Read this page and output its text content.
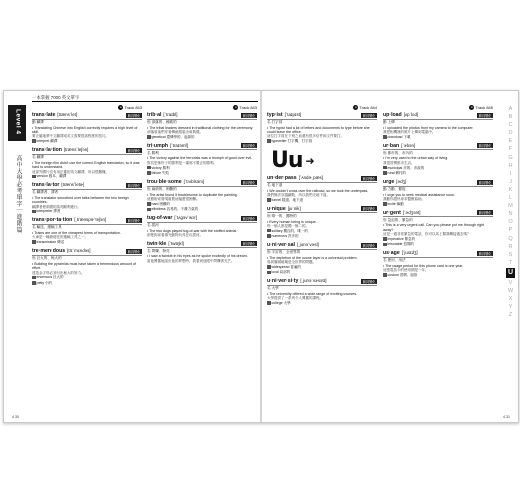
一本掌握 7000 英文單字
Level 4
高中大學必考單字｜進階篇
● Track 843
trans·late [træns`let]	動詞變化
動 翻譯
• Translating Chinese into English correctly requires a high level of skill.
要正確地將中文翻譯成英文需要很高程度的技巧。
interpret 翻譯
trans·la·tion [træns`leʃən]	動詞變化
名 翻譯
• The foreign film didn't use the correct English translation, so it was hard to understand.
這部外國片沒有用正確的英文翻譯，所以很難懂。
version 版本、翻譯
trans·la·tor [træns`letɚ]	動詞變化
名 翻譯者、譯者
• The translator smoothed over talks between the two foreign countries.
翻譯者使兩國的談判順利進行。
interpreter 譯者
trans·por·ta·tion [ˌtrænspɚ`teʃən]	動詞變化
名 輸送、運輸工具
• Trains are one of the cheapest forms of transportation.
火車是一種最便宜的運輸工具之一。
transmission 傳送
tre·men·dous [trɪ`mɛndəs]	動詞變化
形 巨大的、極大的
• Building the pyramids must have taken a tremendous amount of effort.
建造金字塔必須付出極大的努力。
enormous 巨大的
petty 小的
● Track 843
trib·al [`traɪbl]	動詞變化
形 部落的、種族的
• The tribal leaders dressed in traditional clothing for the ceremony.
部落領袖們穿著傳統服裝出席典禮。
genetical 遺傳學的、起源的
tri·umph [`traɪəmf]	動詞變化
名 勝利
• The victory against the terrorists was a triumph of good over evil.
對抗恐怖份子的勝利是一場邪不勝正的勝利。
victory 勝利
failure 失敗
trou·ble·some [`trʌblsəm]	動詞變化
形 麻煩的、困難的
• The artist found it troublesome to duplicate the painting.
這藝術家發現複製這幅畫很困難。
hard 困難的
effortless 容易的、不費力氣的
tug-of-war [`tʌgəv`wɔr]	動詞變化
名 拔河
• The two dogs played tug-of-war with the stuffed animal.
兩隻狗拿著填充動物玩具在玩拔河。
twin·kle [`twɪŋkl]	動詞變化
名 閃爍、發亮
• I saw a twinkle in his eyes as he spoke excitedly of his dream.
當他興奮地說出他的夢想時，我看到他眼中閃爍著光芒。
4 30
● Track 844
typ·ist [`taɪpɪst]	動詞變化
名 打字員
• The typist had a lot of letters and documents to type before she could leave the office.
這位打字員在下班之前還有很多信件和文件要打。
typewriter 打字機、打字員
Uu ➜
un·der·pass [`ʌndɚˌpæs]	動詞變化
名 地下道
• We couldn't cross over the railroad, so we took the underpass.
我們無法穿越鐵軌，所以我們走地下道。
tunnel 隧道、地下道
u·nique [ju`nik]	動詞變化
形 唯一的、獨特的
• Every human being is unique.
每一個人都是獨一無二的。
solitary 獨自的、唯一的
numerous 許多的
u·ni·ver·sal [ˌjunə`vɝsl]	動詞變化
形 宇宙的、全世界的
• The depletion of the ozone layer is a universal problem.
臭氧層減破壞是全世界的問題。
widespread 普遍的
local 局部的
u·ni·ver·si·ty [ˌjunə`vɝsətɪ]	動詞變化
名 大學
• The university offered a wide range of exciting courses.
大學提供了一系列令人興奮的課程。
college 大學
● Track 845
up·load [ʌp`lod]	動詞變化
動 上傳
• I uploaded the photos from my camera to the computer.
我把相機裡的照片上傳到電腦中。
download 下載
ur·ban [`ɝbən]	動詞變化
形 都市的、市內的
• I'm very used to the urban way of living.
我很習慣都市生活。
municipal 市的、市政的
rural 鄉村的
urge [ɝdʒ]	動詞變化
動 力勸、催促
• I urge you to seek medical assistance soon.
我勸你趕快尋求醫療協助。
incite 煽動
ur·gent [`ɝdʒənt]	動詞變化
形 急迫的、緊急的
• This is a very urgent call. Can you please put me through right away?
這是一通非常緊急的電話，你可以馬上幫我轉接過去嗎？
imperative 緊急的
leisurable 悠閒的
us·age [`jusɪdʒ]	動詞變化
名 使用、用法
• The usage period for this phone card is one year.
這張電話卡的使用期是一年。
custom 習慣、風俗
A
B
C
D
E
F
G
H
I
J
K
L
M
N
O
P
Q
R
S
T
U
V
W
X
Y
Z
4 31
